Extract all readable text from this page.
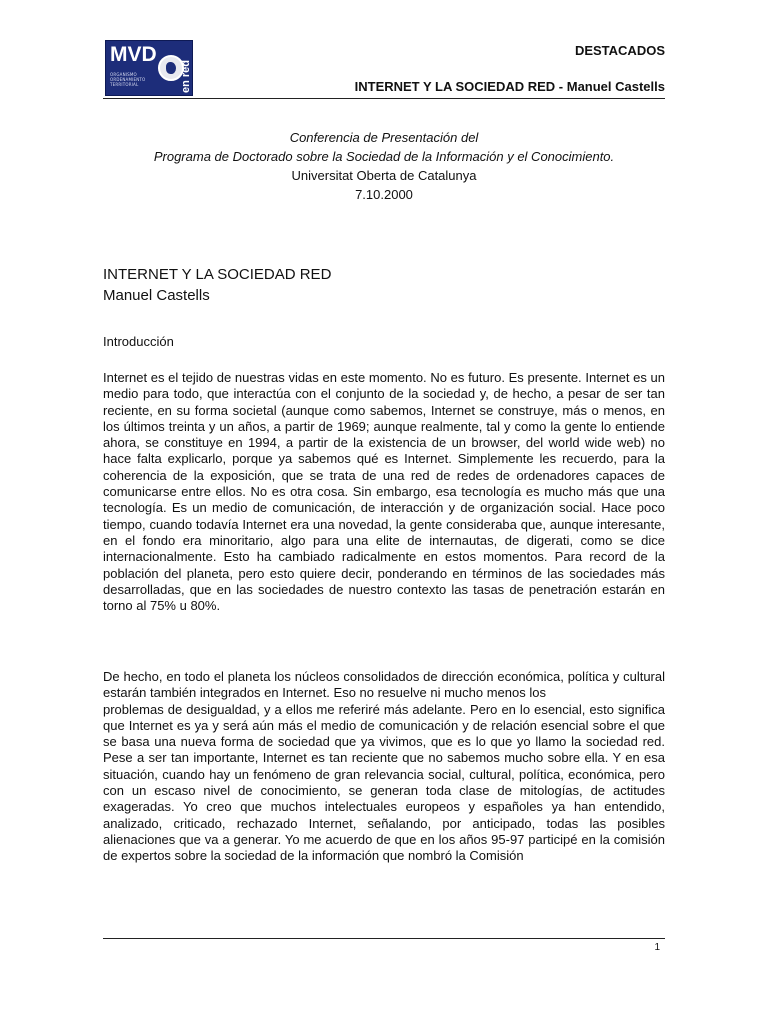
MVD
ORGANISMO ORDENAMIENTO TERRITORIAL	en red
DESTACADOS
INTERNET Y LA SOCIEDAD RED - Manuel Castells
Conferencia de Presentación del
Programa de Doctorado sobre la Sociedad de la Información y el Conocimiento.
Universitat Oberta de Catalunya
7.10.2000
INTERNET Y LA SOCIEDAD RED
Manuel Castells
Introducción
Internet es el tejido de nuestras vidas en este momento. No es futuro. Es presente. Internet es un medio para todo, que interactúa con el conjunto de la sociedad y, de hecho, a pesar de ser tan reciente, en su forma societal (aunque como sabemos, Internet se construye, más o menos, en los últimos treinta y un años, a partir de 1969; aunque realmente, tal y como la gente lo entiende ahora, se constituye en 1994, a partir de la existencia de un browser, del world wide web) no hace falta explicarlo, porque ya sabemos qué es Internet. Simplemente les recuerdo, para la coherencia de la exposición, que se trata de una red de redes de ordenadores capaces de comunicarse entre ellos. No es otra cosa. Sin embargo, esa tecnología es mucho más que una tecnología. Es un medio de comunicación, de interacción y de organización social. Hace poco tiempo, cuando todavía Internet era una novedad, la gente consideraba que, aunque interesante, en el fondo era minoritario, algo para una elite de internautas, de digerati, como se dice internacionalmente. Esto ha cambiado radicalmente en estos momentos. Para record de la población del planeta, pero esto quiere decir, ponderando en términos de las sociedades más desarrolladas, que en las sociedades de nuestro contexto las tasas de penetración estarán en torno al 75% u 80%.
De hecho, en todo el planeta los núcleos consolidados de dirección económica, política y cultural estarán también integrados en Internet. Eso no resuelve ni mucho menos los
problemas de desigualdad, y a ellos me referiré más adelante. Pero en lo esencial, esto significa que Internet es ya y será aún más el medio de comunicación y de relación esencial sobre el que se basa una nueva forma de sociedad que ya vivimos, que es lo que yo llamo la sociedad red. Pese a ser tan importante, Internet es tan reciente que no sabemos mucho sobre ella. Y en esa situación, cuando hay un fenómeno de gran relevancia social, cultural, política, económica, pero con un escaso nivel de conocimiento, se generan toda clase de mitologías, de actitudes exageradas. Yo creo que muchos intelectuales europeos y españoles ya han entendido, analizado, criticado, rechazado Internet, señalando, por anticipado, todas las posibles alienaciones que va a generar. Yo me acuerdo de que en los años 95-97 participé en la comisión de expertos sobre la sociedad de la información que nombró la Comisión
1
